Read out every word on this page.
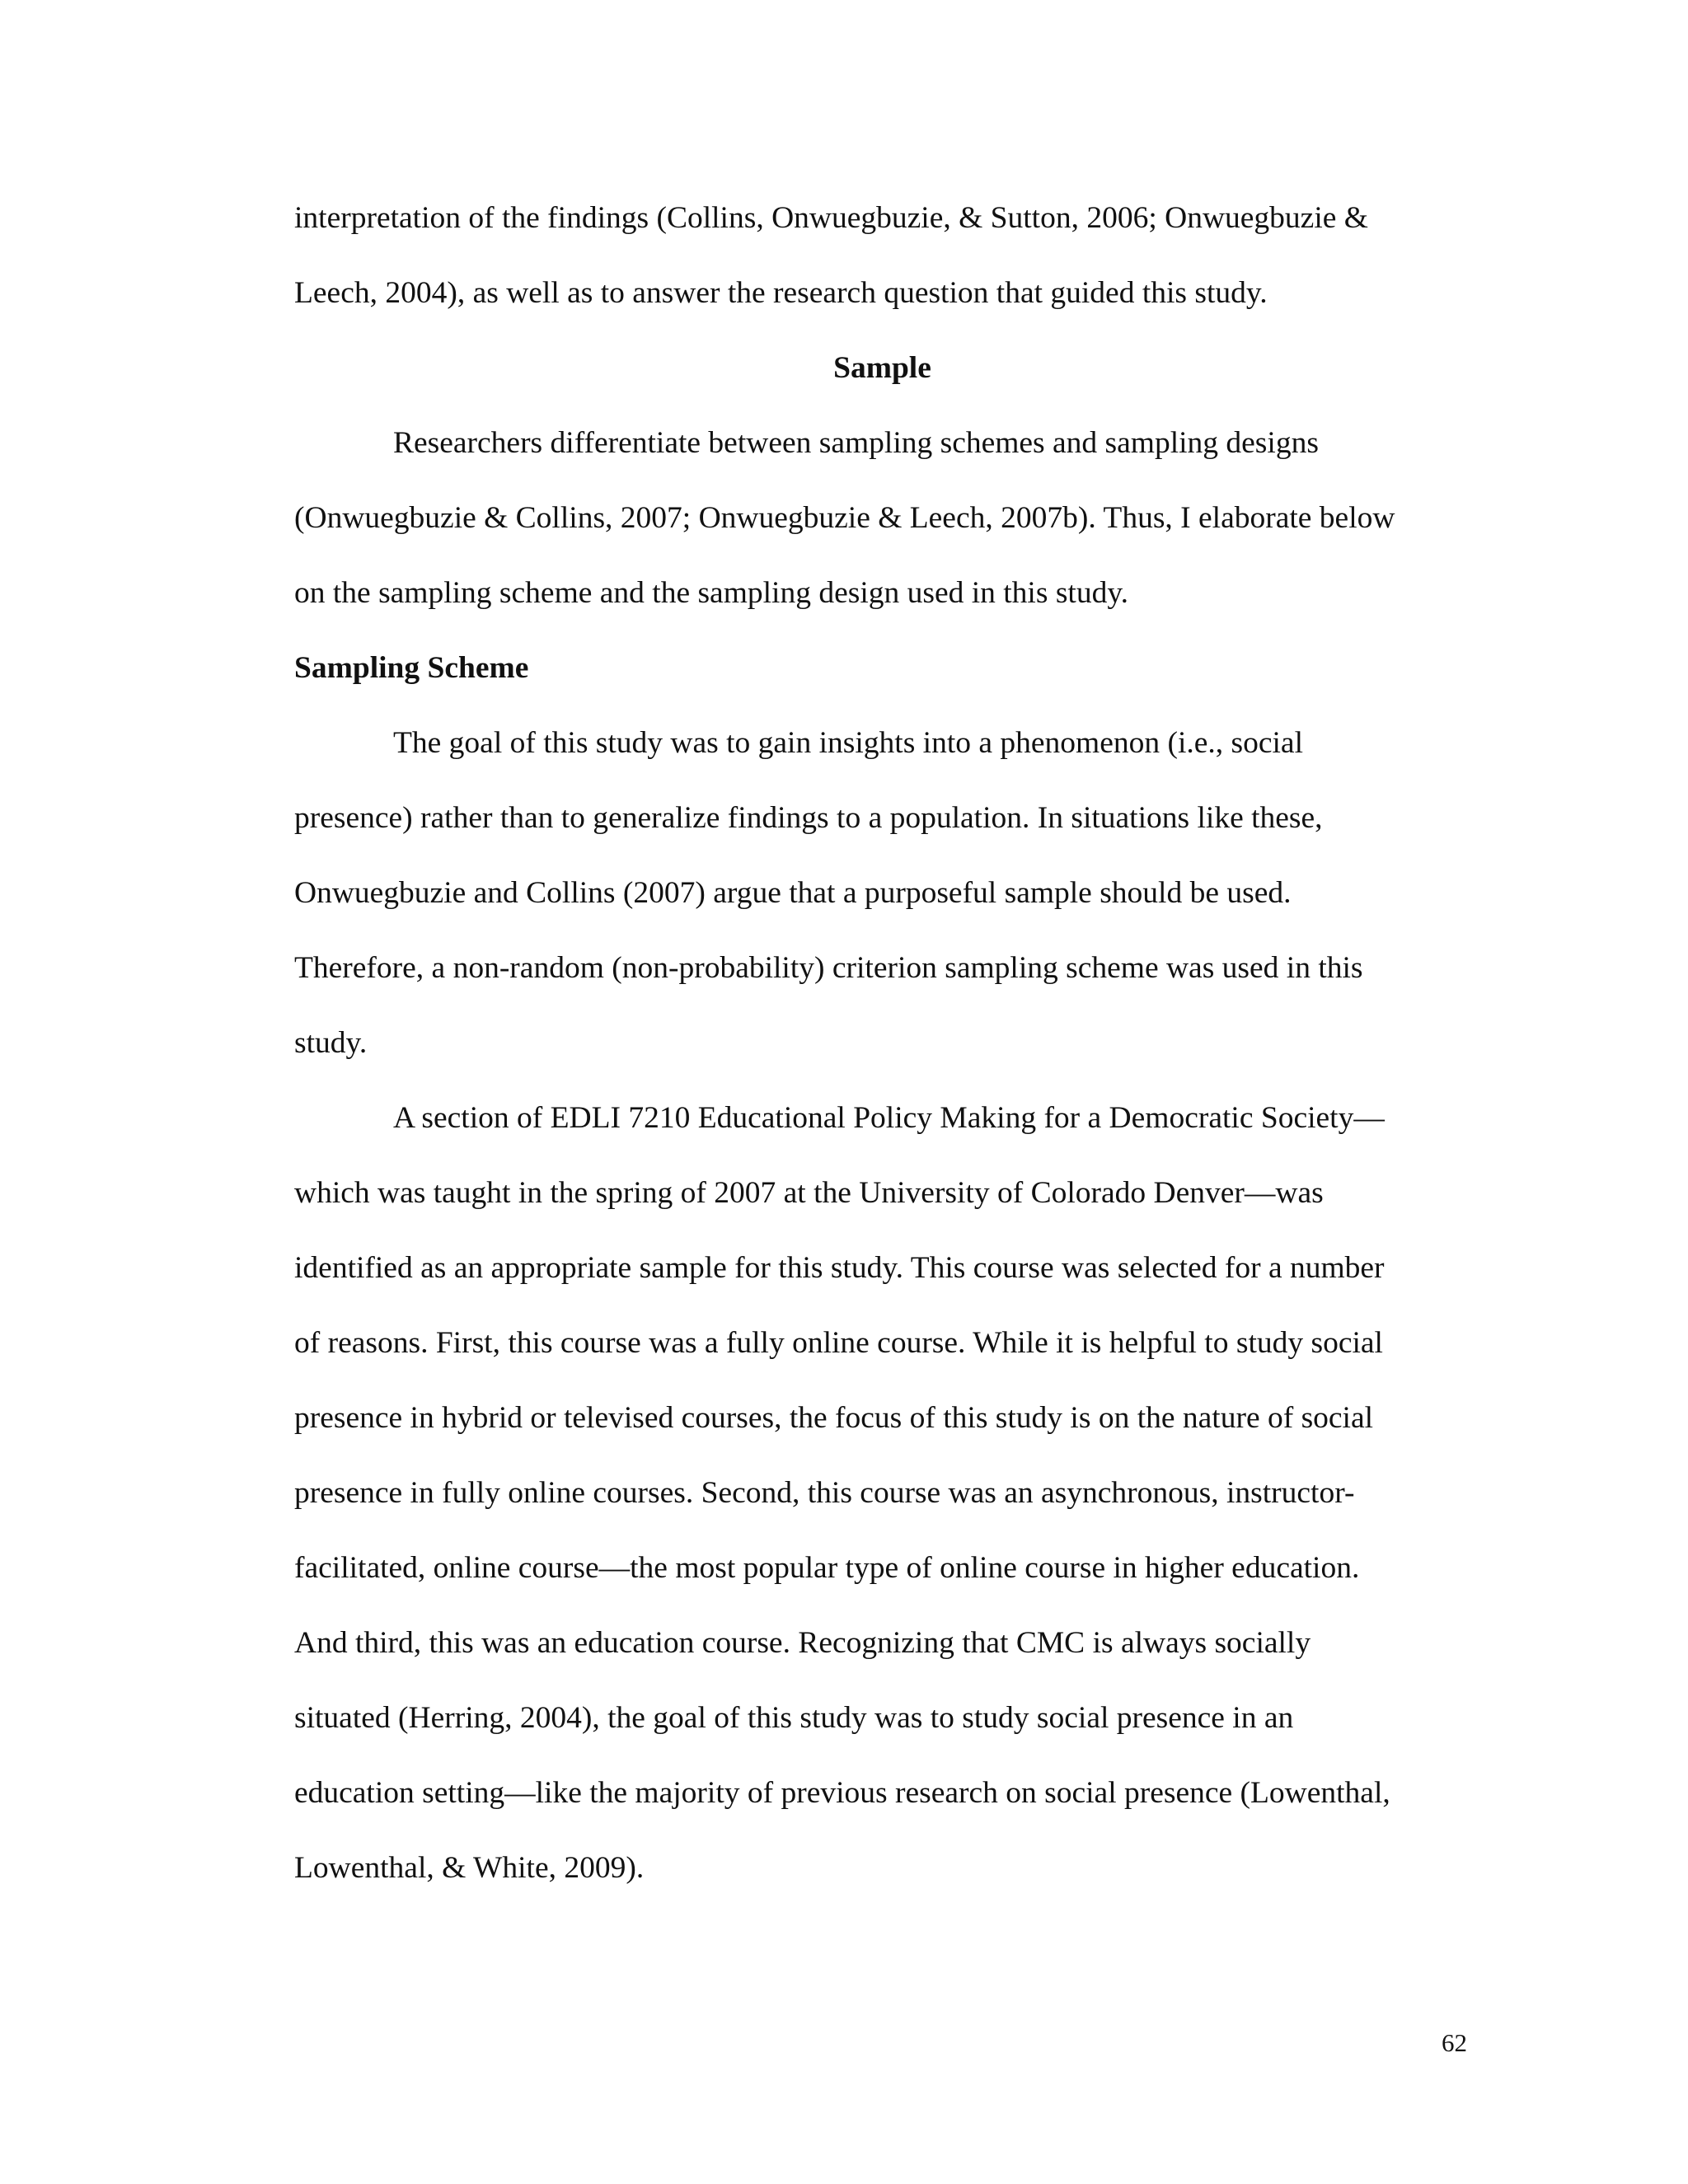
interpretation of the findings (Collins, Onwuegbuzie, & Sutton, 2006; Onwuegbuzie &

Leech, 2004), as well as to answer the research question that guided this study.

Sample

Researchers differentiate between sampling schemes and sampling designs

(Onwuegbuzie & Collins, 2007; Onwuegbuzie & Leech, 2007b). Thus, I elaborate below

on the sampling scheme and the sampling design used in this study.

Sampling Scheme

The goal of this study was to gain insights into a phenomenon (i.e., social

presence) rather than to generalize findings to a population. In situations like these,

Onwuegbuzie and Collins (2007) argue that a purposeful sample should be used.

Therefore, a non-random (non-probability) criterion sampling scheme was used in this

study.

A section of EDLI 7210 Educational Policy Making for a Democratic Society—

which was taught in the spring of 2007 at the University of Colorado Denver—was

identified as an appropriate sample for this study. This course was selected for a number

of reasons. First, this course was a fully online course. While it is helpful to study social

presence in hybrid or televised courses, the focus of this study is on the nature of social

presence in fully online courses. Second, this course was an asynchronous, instructor-

facilitated, online course—the most popular type of online course in higher education.

And third, this was an education course. Recognizing that CMC is always socially

situated (Herring, 2004), the goal of this study was to study social presence in an

education setting—like the majority of previous research on social presence (Lowenthal,

Lowenthal, & White, 2009).

62
